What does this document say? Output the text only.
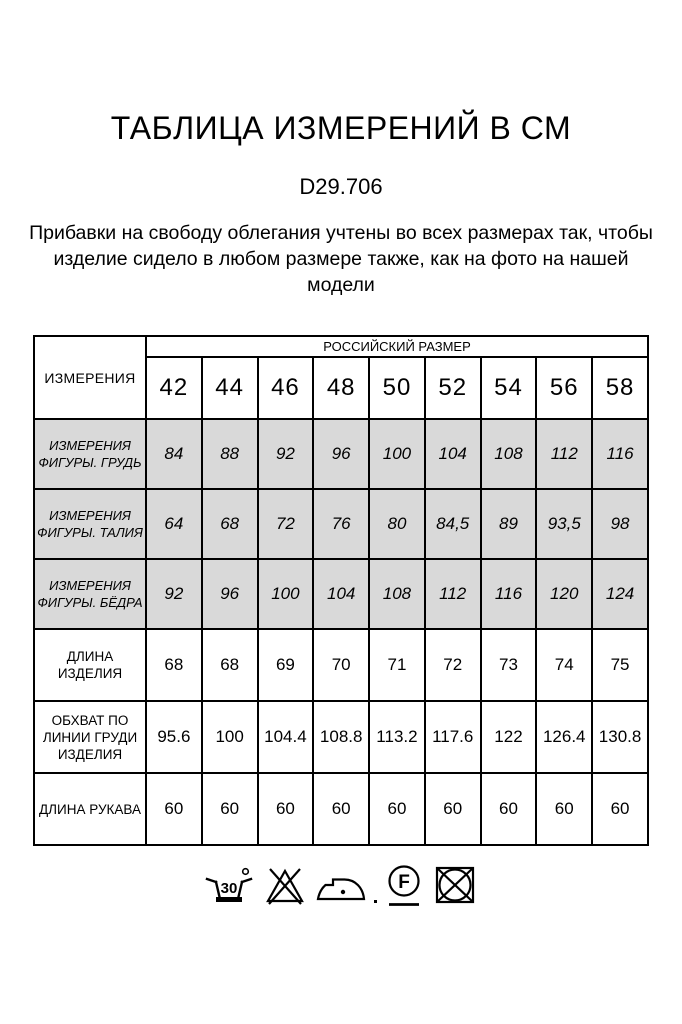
ТАБЛИЦА ИЗМЕРЕНИЙ В СМ
D29.706
Прибавки на свободу облегания учтены во всех размерах так, чтобы изделие сидело в любом размере также, как на фото на нашей модели
ИЗМЕРЕНИЯ	РОССИЙСКИЙ РАЗМЕР								
	42	44	46	48	50	52	54	56	58
ИЗМЕРЕНИЯ ФИГУРЫ. ГРУДЬ	84	88	92	96	100	104	108	112	116
ИЗМЕРЕНИЯ ФИГУРЫ. ТАЛИЯ	64	68	72	76	80	84,5	89	93,5	98
ИЗМЕРЕНИЯ ФИГУРЫ. БЁДРА	92	96	100	104	108	112	116	120	124
ДЛИНА ИЗДЕЛИЯ	68	68	69	70	71	72	73	74	75
ОБХВАТ ПО ЛИНИИ ГРУДИ ИЗДЕЛИЯ	95.6	100	104.4	108.8	113.2	117.6	122	126.4	130.8
ДЛИНА РУКАВА	60	60	60	60	60	60	60	60	60
30	F
